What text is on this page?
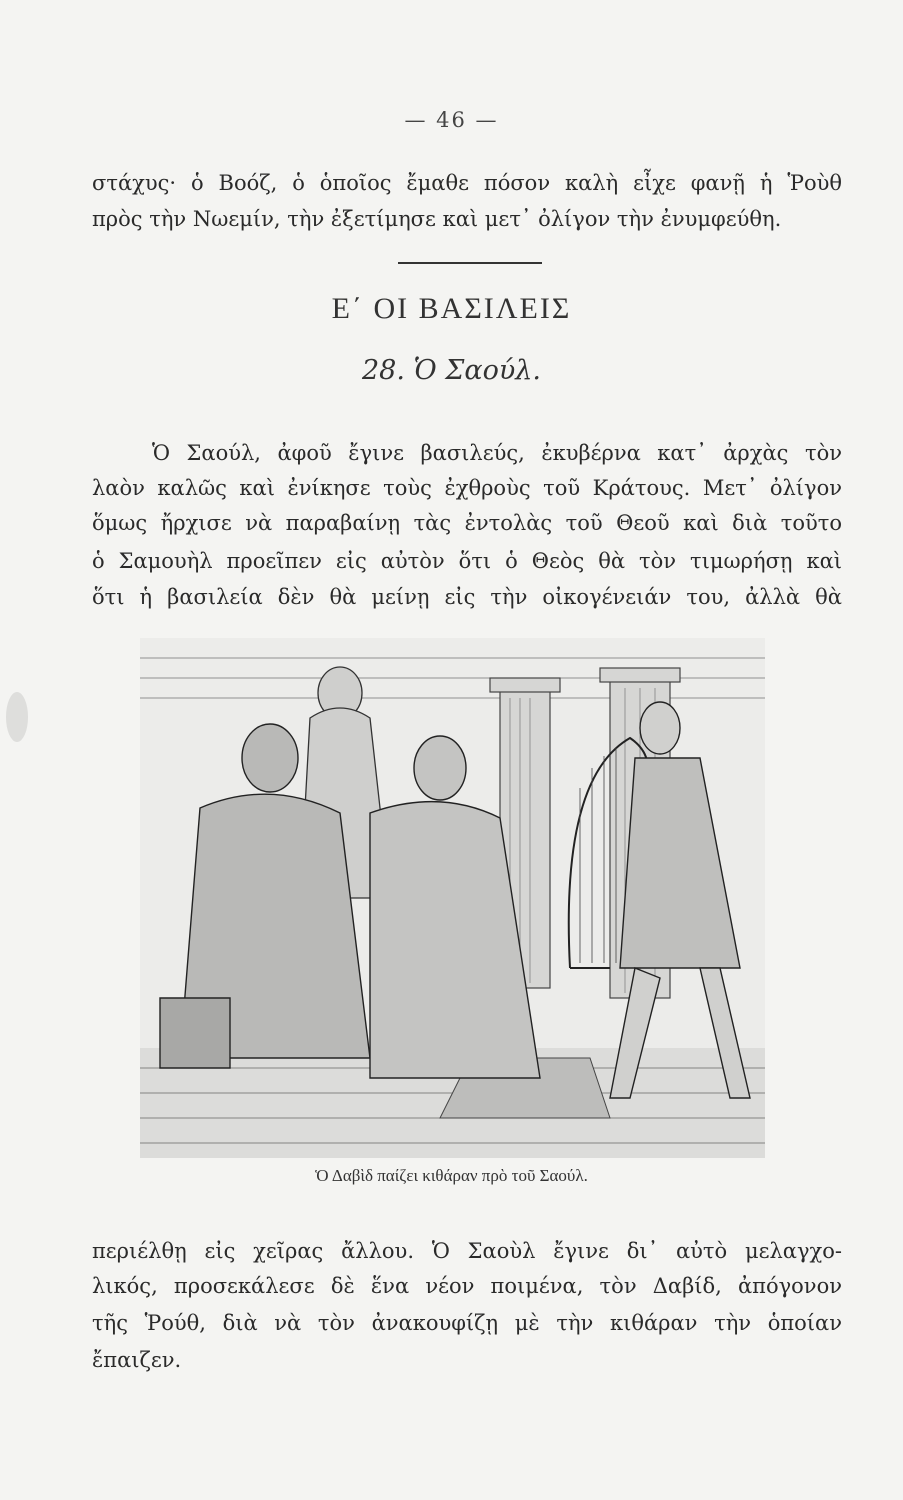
— 46 —
στάχυς· ὁ Βοόζ, ὁ ὁποῖος ἔμαθε πόσον καλὴ εἶχε φανῇ ἡ Ῥοὺθ
πρὸς τὴν Νωεμίν, τὴν ἐξετίμησε καὶ μετ᾽ ὀλίγον τὴν ἐνυμφεύθη.
Ε΄ ΟΙ ΒΑΣΙΛΕΙΣ
28. Ὁ Σαούλ.
Ὁ Σαούλ, ἀφοῦ ἔγινε βασιλεύς, ἐκυβέρνα κατ᾽ ἀρχὰς τὸν
λαὸν καλῶς καὶ ἐνίκησε τοὺς ἐχθροὺς τοῦ Κράτους. Μετ᾽ ὀλίγον
ὅμως ἤρχισε νὰ παραβαίνῃ τὰς ἐντολὰς τοῦ Θεοῦ καὶ διὰ τοῦτο
ὁ Σαμουὴλ προεῖπεν εἰς αὐτὸν ὅτι ὁ Θεὸς θὰ τὸν τιμωρήσῃ καὶ
ὅτι ἡ βασιλεία δὲν θὰ μείνῃ εἰς τὴν οἰκογένειάν του, ἀλλὰ θὰ
Ὁ Δαβὶδ παίζει κιθάραν πρὸ τοῦ Σαούλ.
περιέλθῃ εἰς χεῖρας ἄλλου. Ὁ Σαοὺλ ἔγινε δι᾽ αὐτὸ μελαγχο-
λικός, προσεκάλεσε δὲ ἕνα νέον ποιμένα, τὸν Δαβίδ, ἀπόγονον
τῆς Ῥούθ, διὰ νὰ τὸν ἀνακουφίζῃ μὲ τὴν κιθάραν τὴν ὁποίαν
ἔπαιζεν.
